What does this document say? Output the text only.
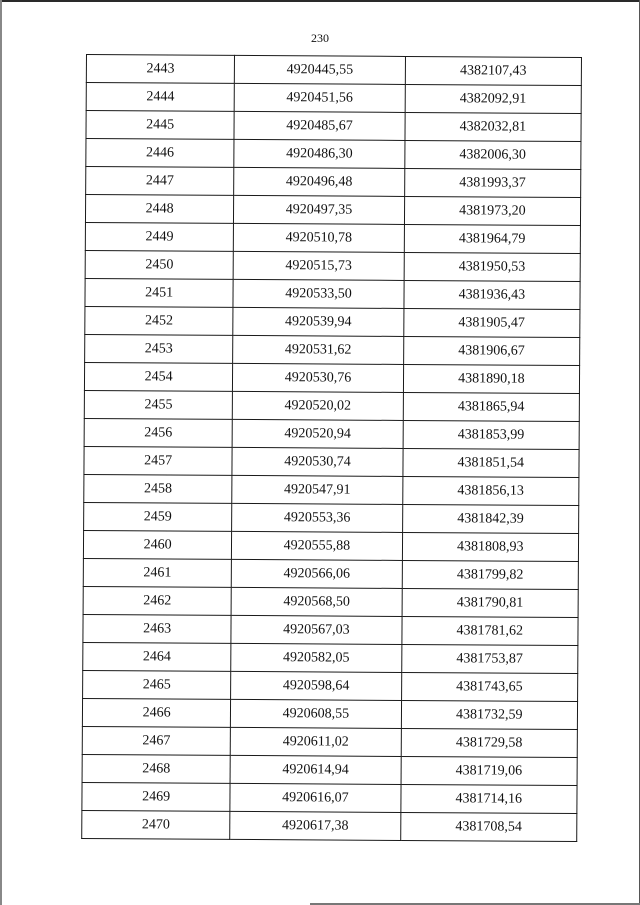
230
2443	4920445,55	4382107,43
2444	4920451,56	4382092,91
2445	4920485,67	4382032,81
2446	4920486,30	4382006,30
2447	4920496,48	4381993,37
2448	4920497,35	4381973,20
2449	4920510,78	4381964,79
2450	4920515,73	4381950,53
2451	4920533,50	4381936,43
2452	4920539,94	4381905,47
2453	4920531,62	4381906,67
2454	4920530,76	4381890,18
2455	4920520,02	4381865,94
2456	4920520,94	4381853,99
2457	4920530,74	4381851,54
2458	4920547,91	4381856,13
2459	4920553,36	4381842,39
2460	4920555,88	4381808,93
2461	4920566,06	4381799,82
2462	4920568,50	4381790,81
2463	4920567,03	4381781,62
2464	4920582,05	4381753,87
2465	4920598,64	4381743,65
2466	4920608,55	4381732,59
2467	4920611,02	4381729,58
2468	4920614,94	4381719,06
2469	4920616,07	4381714,16
2470	4920617,38	4381708,54
